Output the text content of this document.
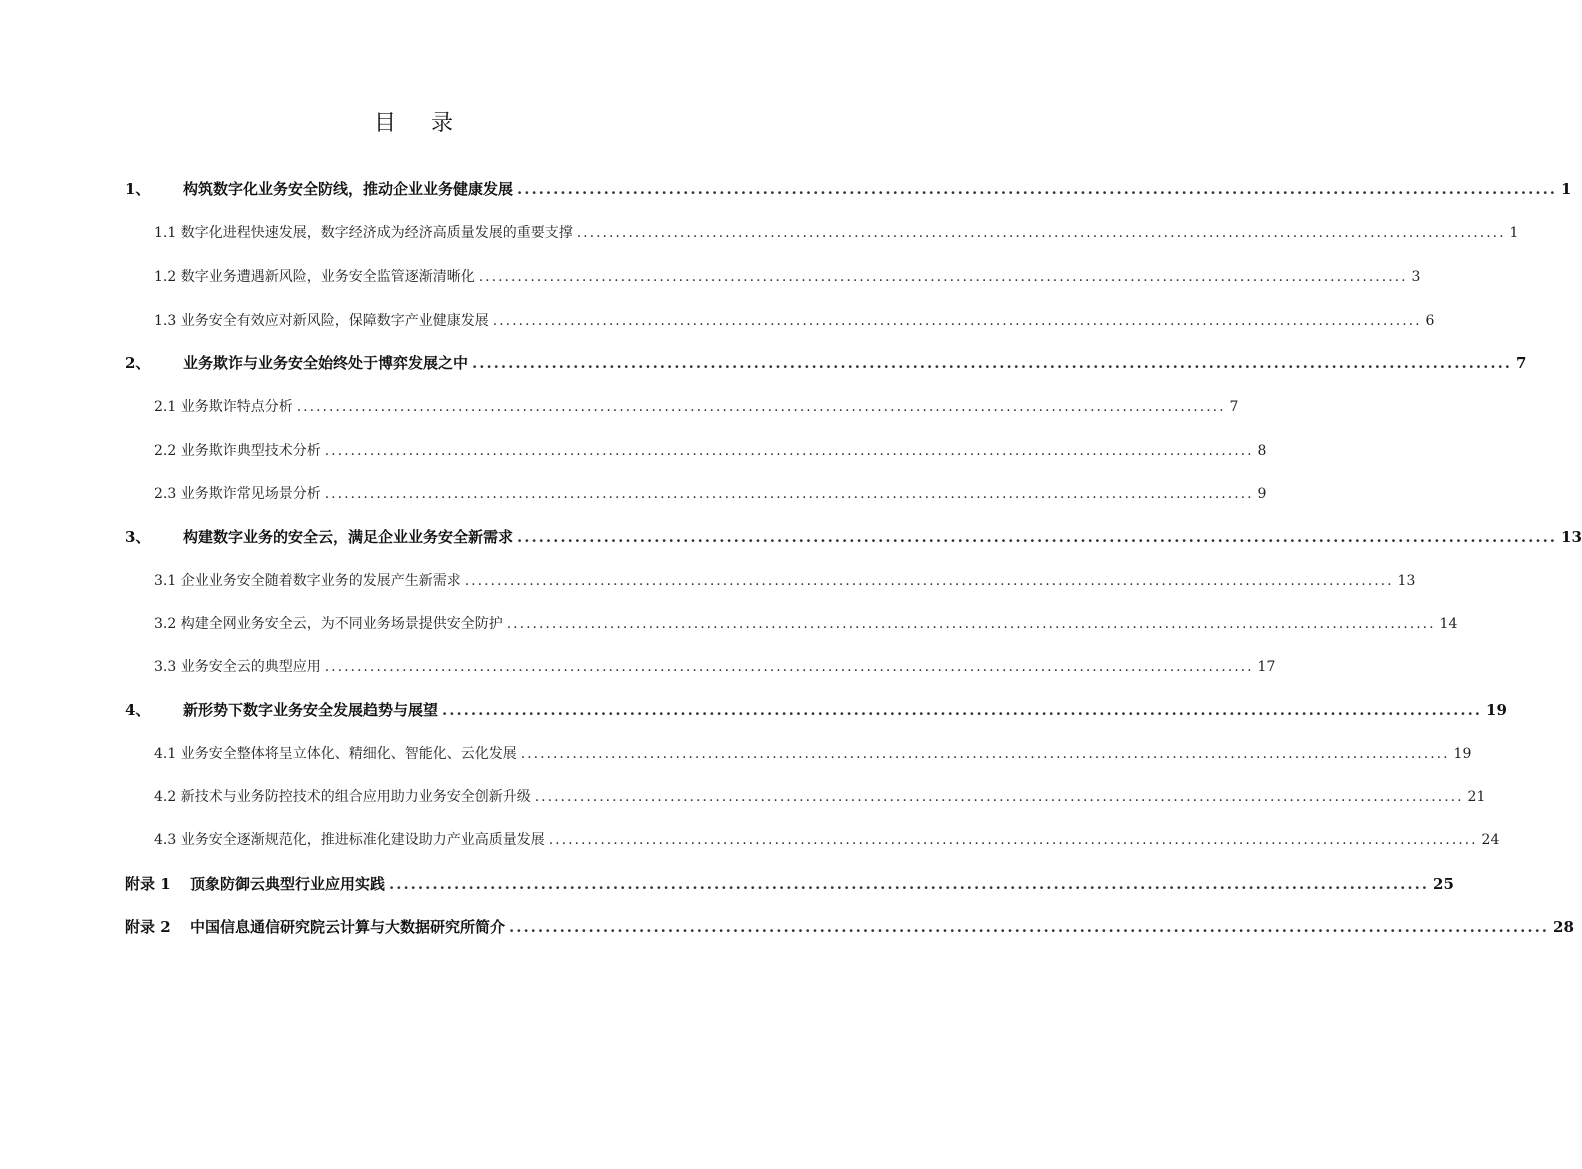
目 录
1、 构筑数字化业务安全防线，推动企业业务健康发展 ................................................................................................................................................ 1
1.1 数字化进程快速发展，数字经济成为经济高质量发展的重要支撑 ................................................................................................................................................ 1
1.2 数字业务遭遇新风险，业务安全监管逐渐清晰化 ................................................................................................................................................ 3
1.3 业务安全有效应对新风险，保障数字产业健康发展 ................................................................................................................................................ 6
2、 业务欺诈与业务安全始终处于博弈发展之中 ................................................................................................................................................ 7
2.1 业务欺诈特点分析 ................................................................................................................................................ 7
2.2 业务欺诈典型技术分析 ................................................................................................................................................ 8
2.3 业务欺诈常见场景分析 ................................................................................................................................................ 9
3、 构建数字业务的安全云，满足企业业务安全新需求 ................................................................................................................................................ 13
3.1 企业业务安全随着数字业务的发展产生新需求 ................................................................................................................................................ 13
3.2 构建全网业务安全云，为不同业务场景提供安全防护 ................................................................................................................................................ 14
3.3 业务安全云的典型应用 ................................................................................................................................................ 17
4、 新形势下数字业务安全发展趋势与展望 ................................................................................................................................................ 19
4.1 业务安全整体将呈立体化、精细化、智能化、云化发展 ................................................................................................................................................ 19
4.2 新技术与业务防控技术的组合应用助力业务安全创新升级 ................................................................................................................................................ 21
4.3 业务安全逐渐规范化，推进标准化建设助力产业高质量发展 ................................................................................................................................................ 24
附录 1 顶象防御云典型行业应用实践 ................................................................................................................................................ 25
附录 2 中国信息通信研究院云计算与大数据研究所简介 ................................................................................................................................................ 28
